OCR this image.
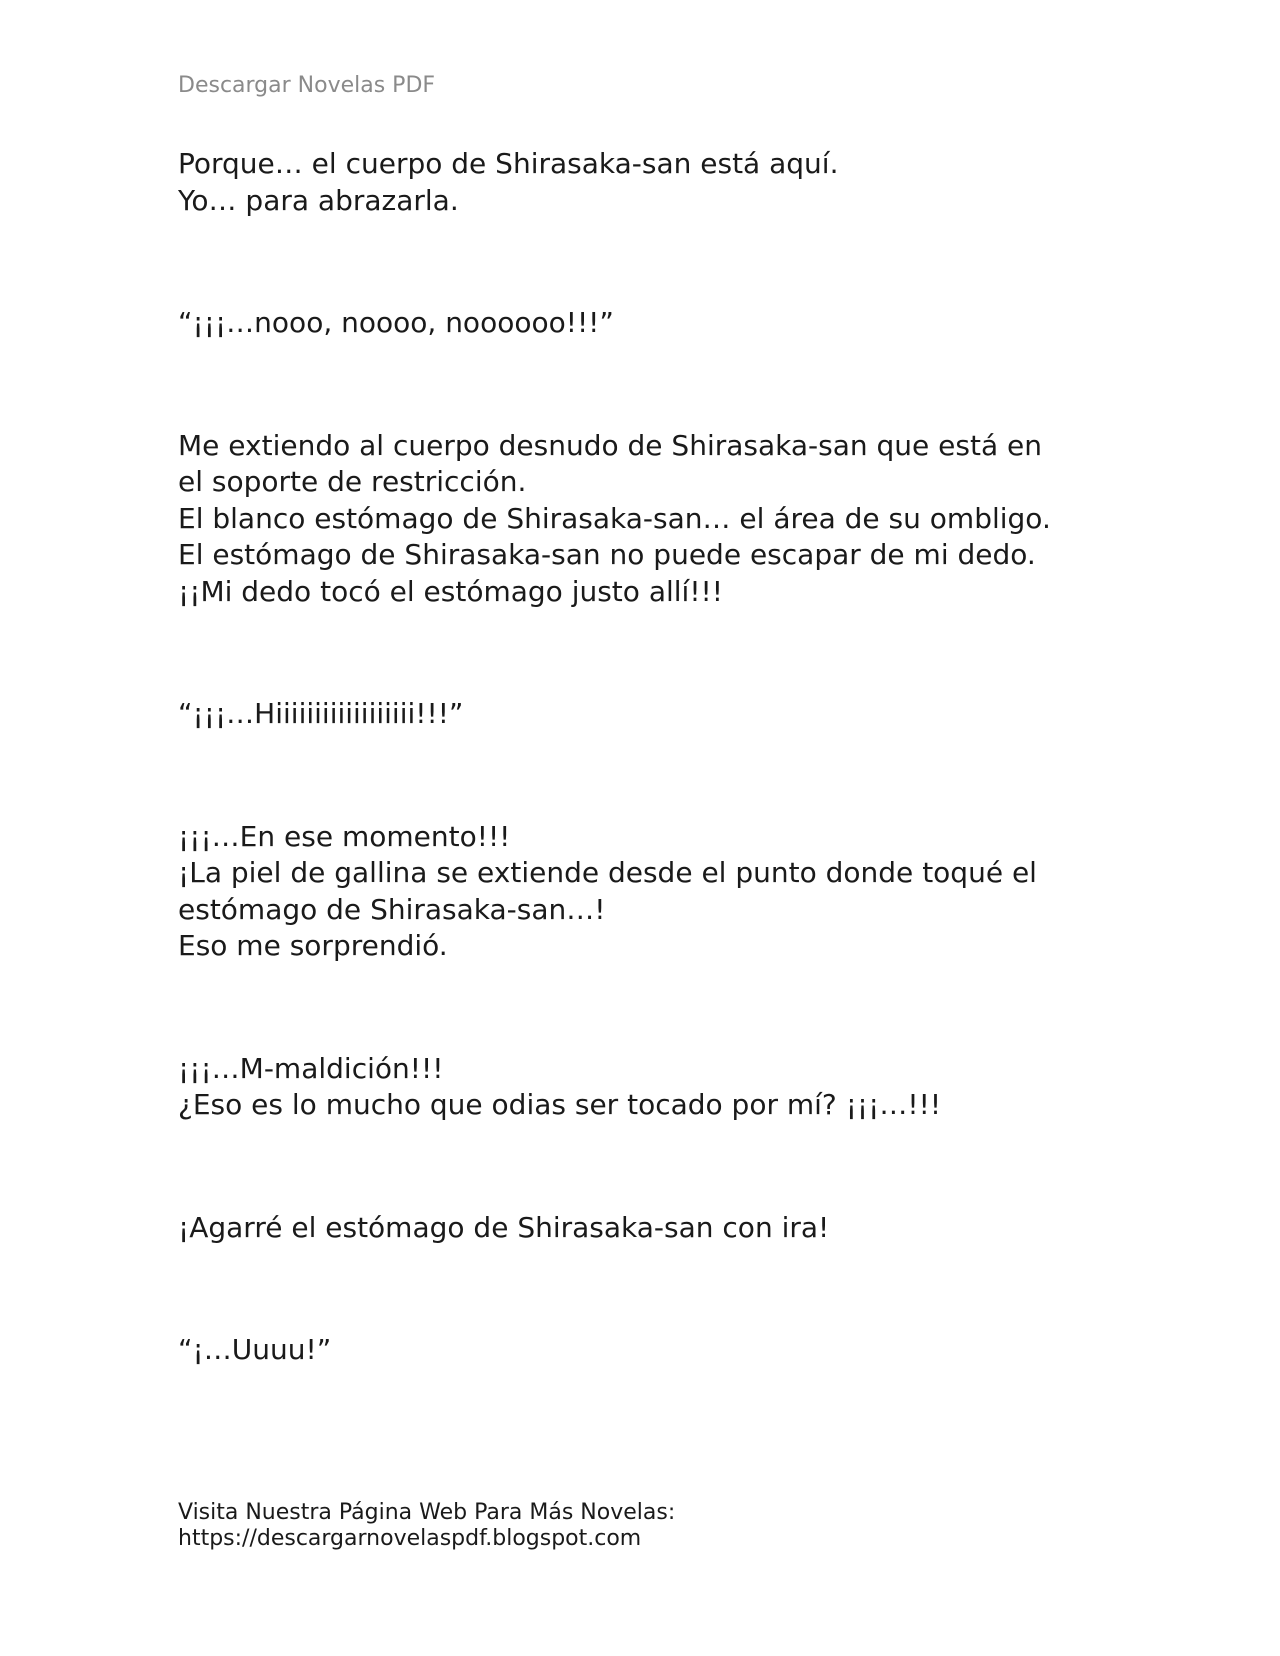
Descargar Novelas PDF

Porque… el cuerpo de Shirasaka-san está aquí.
Yo… para abrazarla.

“¡¡¡…nooo, noooo, noooooo!!!”

Me extiendo al cuerpo desnudo de Shirasaka-san que está en
el soporte de restricción.
El blanco estómago de Shirasaka-san… el área de su ombligo.
El estómago de Shirasaka-san no puede escapar de mi dedo.
¡¡Mi dedo tocó el estómago justo allí!!!

“¡¡¡…Hiiiiiiiiiiiiiiiiii!!!”

¡¡¡…En ese momento!!!
¡La piel de gallina se extiende desde el punto donde toqué el
estómago de Shirasaka-san…!
Eso me sorprendió.

¡¡¡…M-maldición!!!
¿Eso es lo mucho que odias ser tocado por mí? ¡¡¡…!!!

¡Agarré el estómago de Shirasaka-san con ira!

“¡…Uuuu!”

Visita Nuestra Página Web Para Más Novelas:
https://descargarnovelaspdf.blogspot.com
